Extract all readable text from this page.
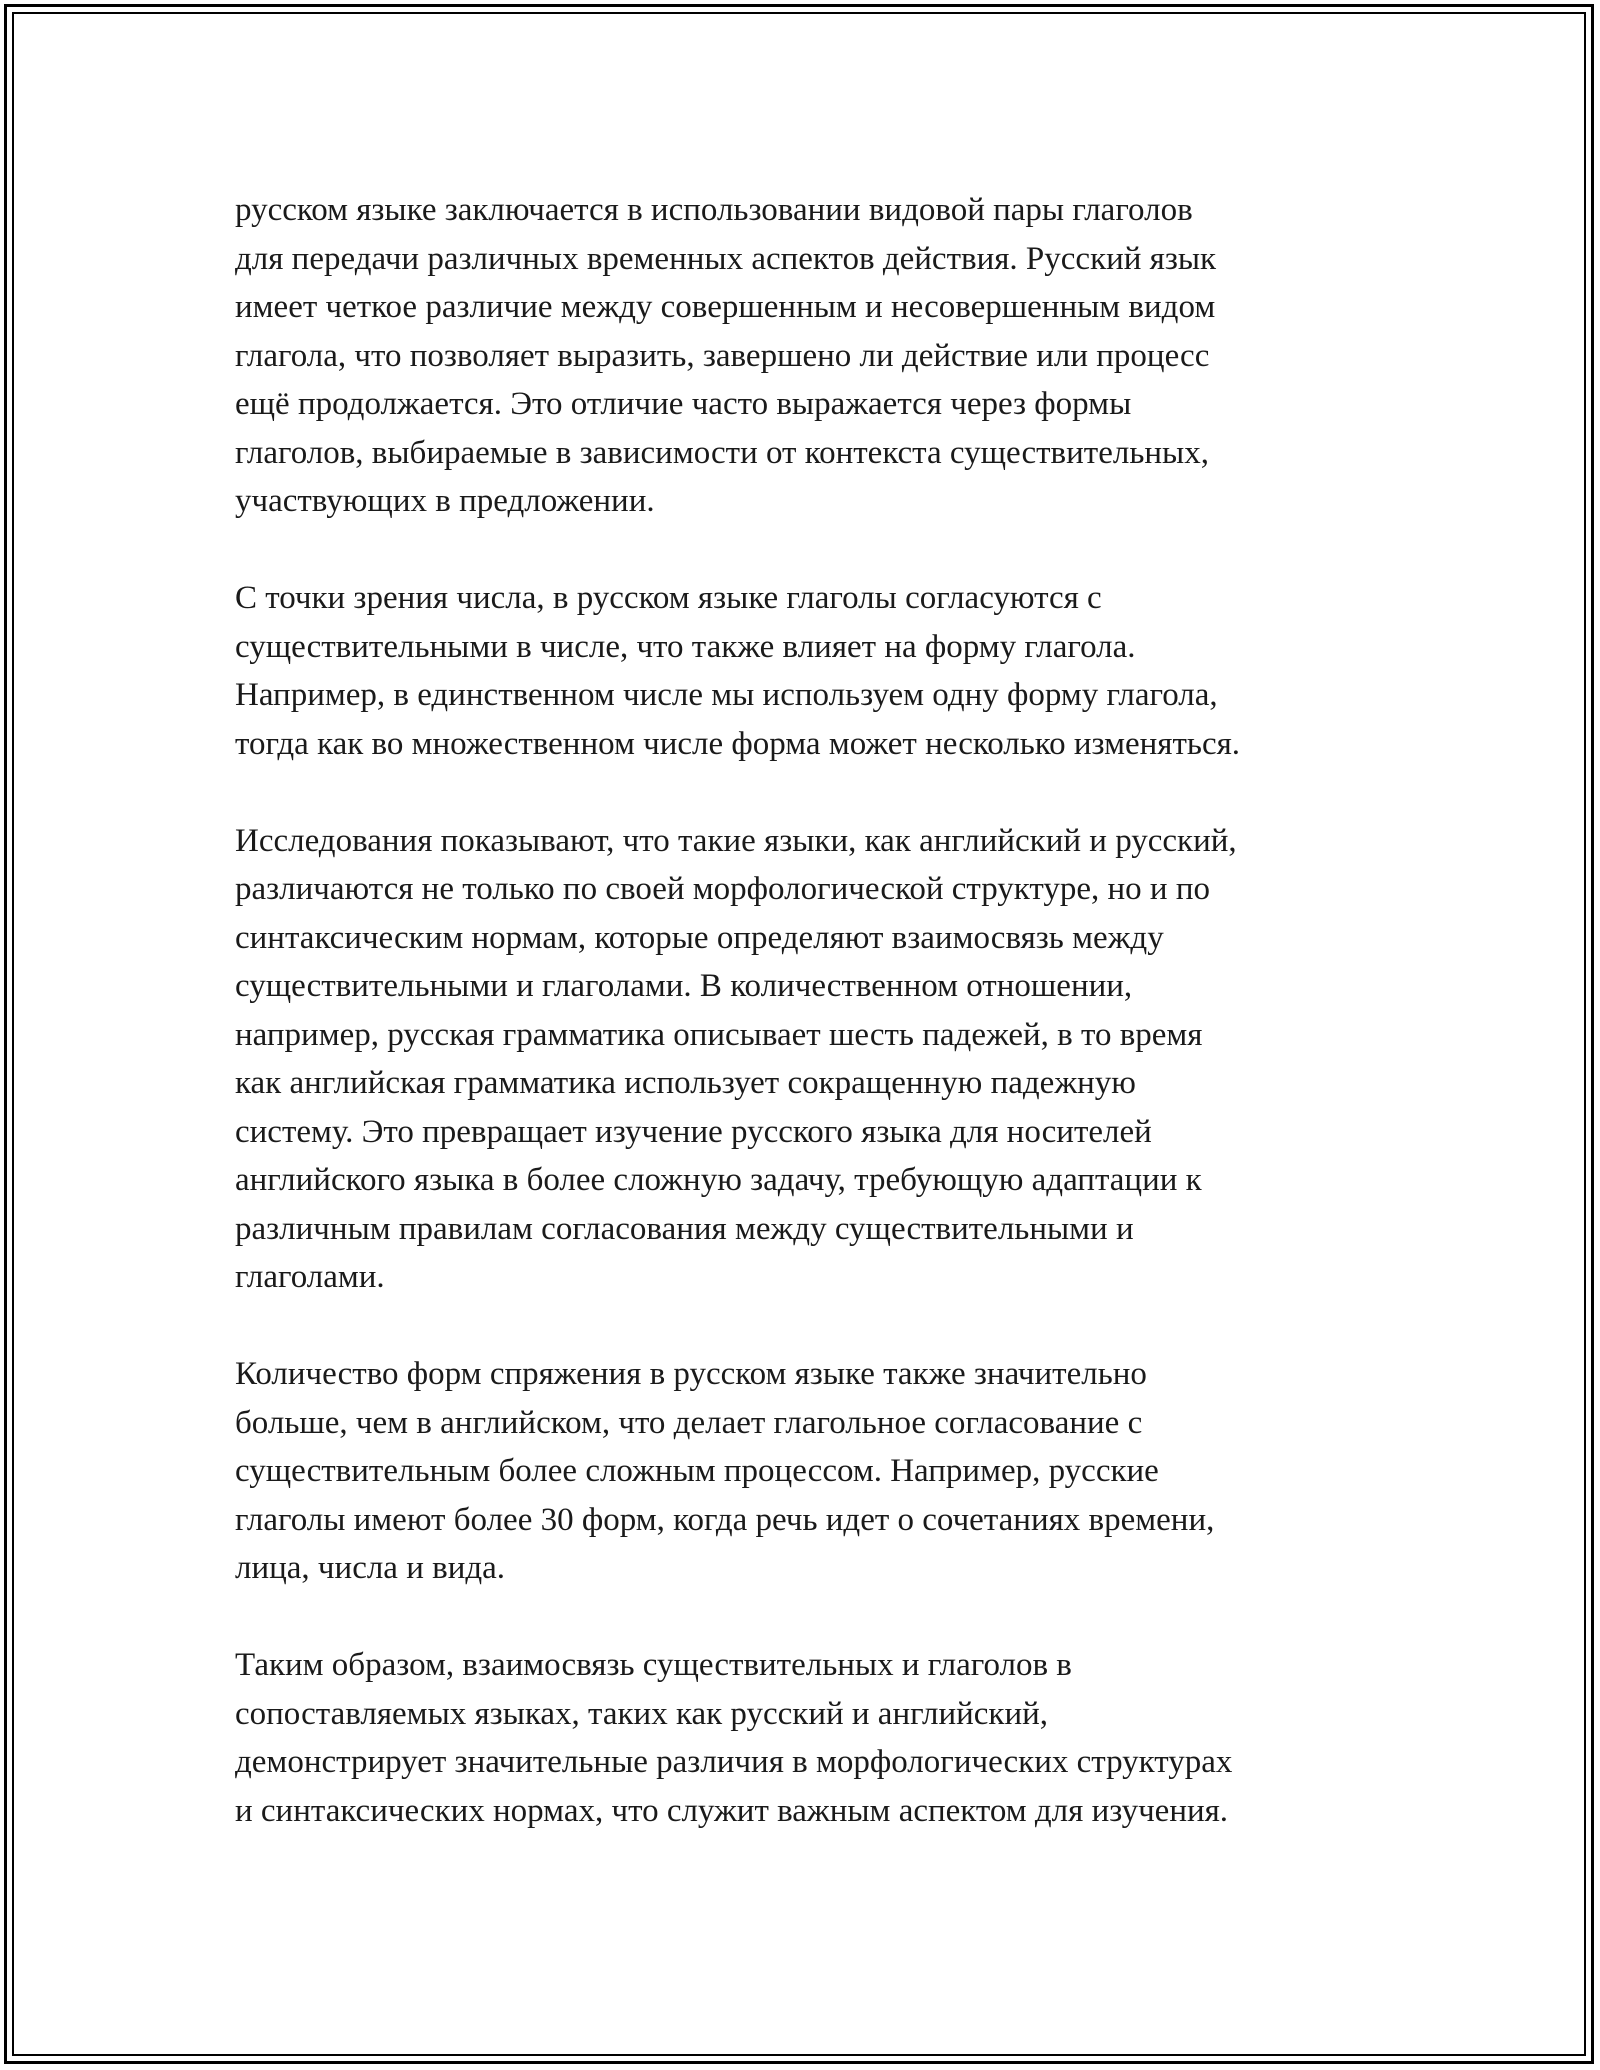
русском языке заключается в использовании видовой пары глаголов
для передачи различных временных аспектов действия. Русский язык
имеет четкое различие между совершенным и несовершенным видом
глагола, что позволяет выразить, завершено ли действие или процесс
ещё продолжается. Это отличие часто выражается через формы
глаголов, выбираемые в зависимости от контекста существительных,
участвующих в предложении.

С точки зрения числа, в русском языке глаголы согласуются с
существительными в числе, что также влияет на форму глагола.
Например, в единственном числе мы используем одну форму глагола,
тогда как во множественном числе форма может несколько изменяться.

Исследования показывают, что такие языки, как английский и русский,
различаются не только по своей морфологической структуре, но и по
синтаксическим нормам, которые определяют взаимосвязь между
существительными и глаголами. В количественном отношении,
например, русская грамматика описывает шесть падежей, в то время
как английская грамматика использует сокращенную падежную
систему. Это превращает изучение русского языка для носителей
английского языка в более сложную задачу, требующую адаптации к
различным правилам согласования между существительными и
глаголами.

Количество форм спряжения в русском языке также значительно
больше, чем в английском, что делает глагольное согласование с
существительным более сложным процессом. Например, русские
глаголы имеют более 30 форм, когда речь идет о сочетаниях времени,
лица, числа и вида.

Таким образом, взаимосвязь существительных и глаголов в
сопоставляемых языках, таких как русский и английский,
демонстрирует значительные различия в морфологических структурах
и синтаксических нормах, что служит важным аспектом для изучения.
